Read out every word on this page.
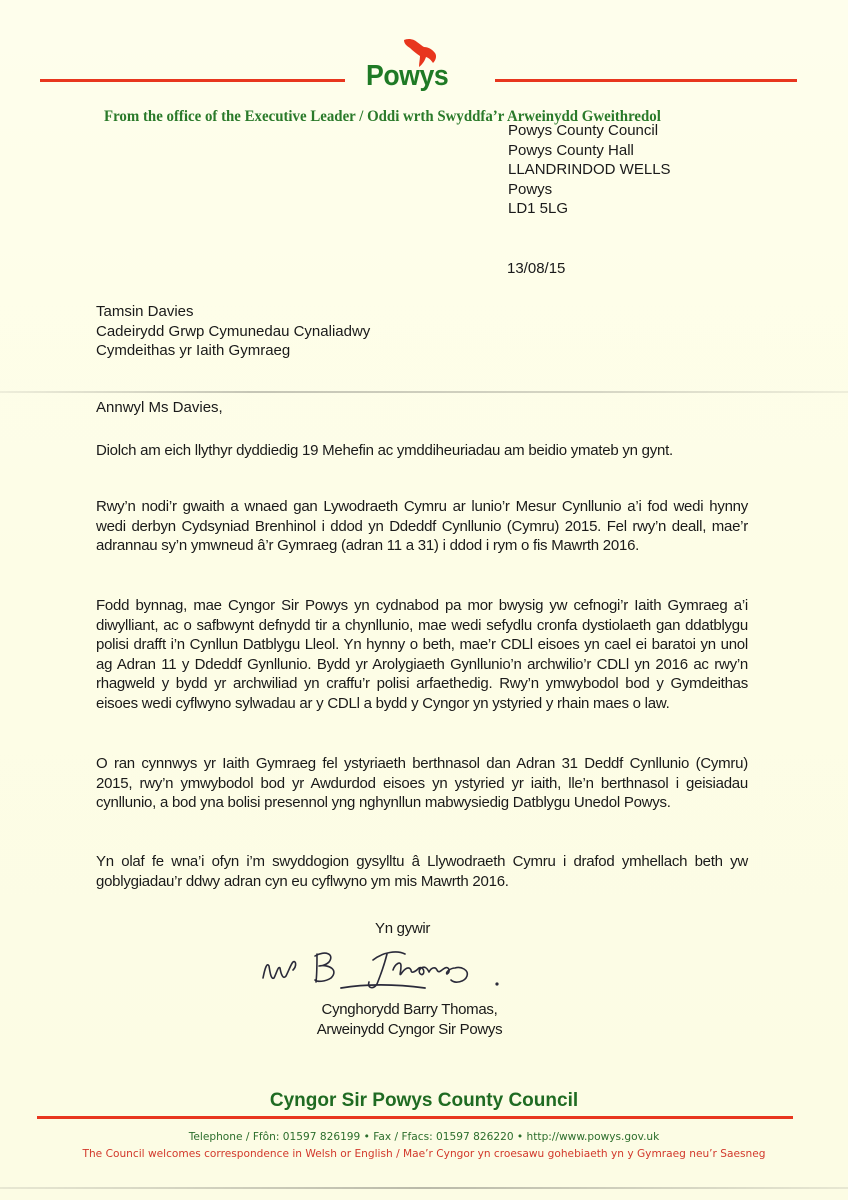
Powys
From the office of the Executive Leader / Oddi wrth Swyddfa’r Arweinydd Gweithredol
Powys County Council
Powys County Hall
LLANDRINDOD WELLS
Powys
LD1 5LG
13/08/15
Tamsin Davies
Cadeirydd Grwp Cymunedau Cynaliadwy
Cymdeithas yr Iaith Gymraeg
Annwyl Ms Davies,
Diolch am eich llythyr dyddiedig 19 Mehefin ac ymddiheuriadau am beidio ymateb yn gynt.
Rwy’n nodi’r gwaith a wnaed gan Lywodraeth Cymru ar lunio’r Mesur Cynllunio a’i fod wedi hynny wedi derbyn Cydsyniad Brenhinol i ddod yn Ddeddf Cynllunio (Cymru) 2015. Fel rwy’n deall, mae’r adrannau sy’n ymwneud â’r Gymraeg (adran 11 a 31) i ddod i rym o fis Mawrth 2016.
Fodd bynnag, mae Cyngor Sir Powys yn cydnabod pa mor bwysig yw cefnogi’r Iaith Gymraeg a’i diwylliant, ac o safbwynt defnydd tir a chynllunio, mae wedi sefydlu cronfa dystiolaeth gan ddatblygu polisi drafft i’n Cynllun Datblygu Lleol. Yn hynny o beth, mae’r CDLl eisoes yn cael ei baratoi yn unol ag Adran 11 y Ddeddf Gynllunio. Bydd yr Arolygiaeth Gynllunio’n archwilio’r CDLl yn 2016 ac rwy’n rhagweld y bydd yr archwiliad yn craffu’r polisi arfaethedig. Rwy’n ymwybodol bod y Gymdeithas eisoes wedi cyflwyno sylwadau ar y CDLl a bydd y Cyngor yn ystyried y rhain maes o law.
O ran cynnwys yr Iaith Gymraeg fel ystyriaeth berthnasol dan Adran 31 Deddf Cynllunio (Cymru) 2015, rwy’n ymwybodol bod yr Awdurdod eisoes yn ystyried yr iaith, lle’n berthnasol i geisiadau cynllunio, a bod yna bolisi presennol yng nghynllun mabwysiedig Datblygu Unedol Powys.
Yn olaf fe wna’i ofyn i’m swyddogion gysylltu â Llywodraeth Cymru i drafod ymhellach beth yw goblygiadau’r ddwy adran cyn eu cyflwyno ym mis Mawrth 2016.
Yn gywir
Cynghorydd Barry Thomas,
Arweinydd Cyngor Sir Powys
Cyngor Sir Powys County Council
Telephone / Ffôn: 01597 826199 • Fax / Ffacs: 01597 826220 • http://www.powys.gov.uk
The Council welcomes correspondence in Welsh or English / Mae’r Cyngor yn croesawu gohebiaeth yn y Gymraeg neu’r Saesneg
